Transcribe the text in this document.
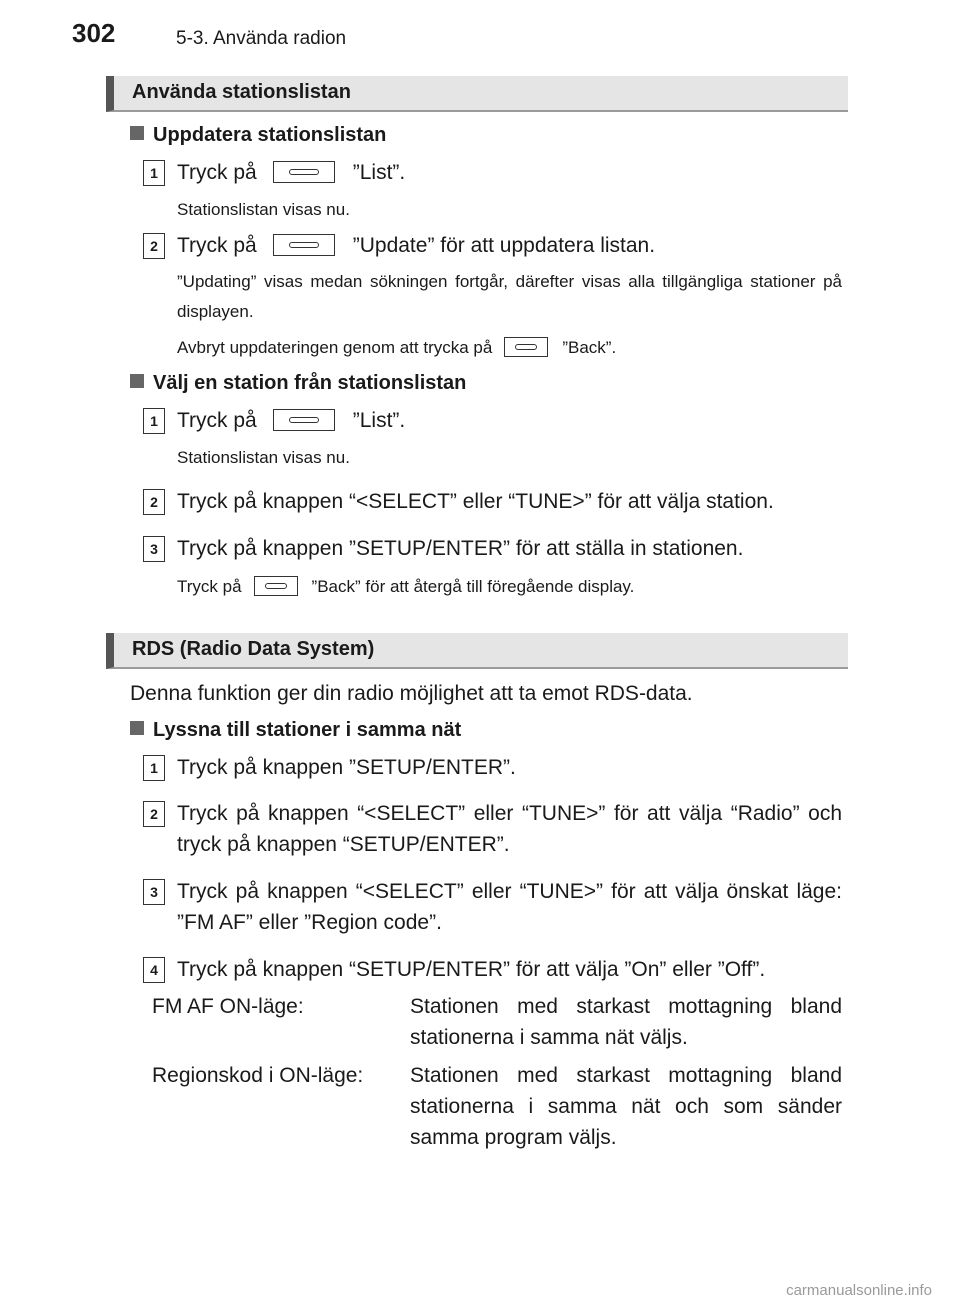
302	5-3. Använda radion
Använda stationslistan
Uppdatera stationslistan
1 Tryck på	”List”.
Stationslistan visas nu.
2 Tryck på	”Update” för att uppdatera listan.
”Updating” visas medan sökningen fortgår, därefter visas alla tillgängliga stationer på displayen.
Avbryt uppdateringen genom att trycka på	”Back”.
Välj en station från stationslistan
1 Tryck på	”List”.
Stationslistan visas nu.
2 Tryck på knappen “<SELECT” eller “TUNE>” för att välja station.
3 Tryck på knappen ”SETUP/ENTER” för att ställa in stationen.
Tryck på	”Back” för att återgå till föregående display.
RDS (Radio Data System)
Denna funktion ger din radio möjlighet att ta emot RDS-data.
Lyssna till stationer i samma nät
1 Tryck på knappen ”SETUP/ENTER”.
2 Tryck på knappen “<SELECT” eller “TUNE>” för att välja “Radio” och tryck på knappen “SETUP/ENTER”.
3 Tryck på knappen “<SELECT” eller “TUNE>” för att välja önskat läge: ”FM AF” eller ”Region code”.
4 Tryck på knappen “SETUP/ENTER” för att välja ”On” eller ”Off”.
FM AF ON-läge:	Stationen med starkast mottagning bland stationerna i samma nät väljs.
Regionskod i ON-läge: Stationen med starkast mottagning bland stationerna i samma nät och som sänder samma program väljs.
carmanualsonline.info
